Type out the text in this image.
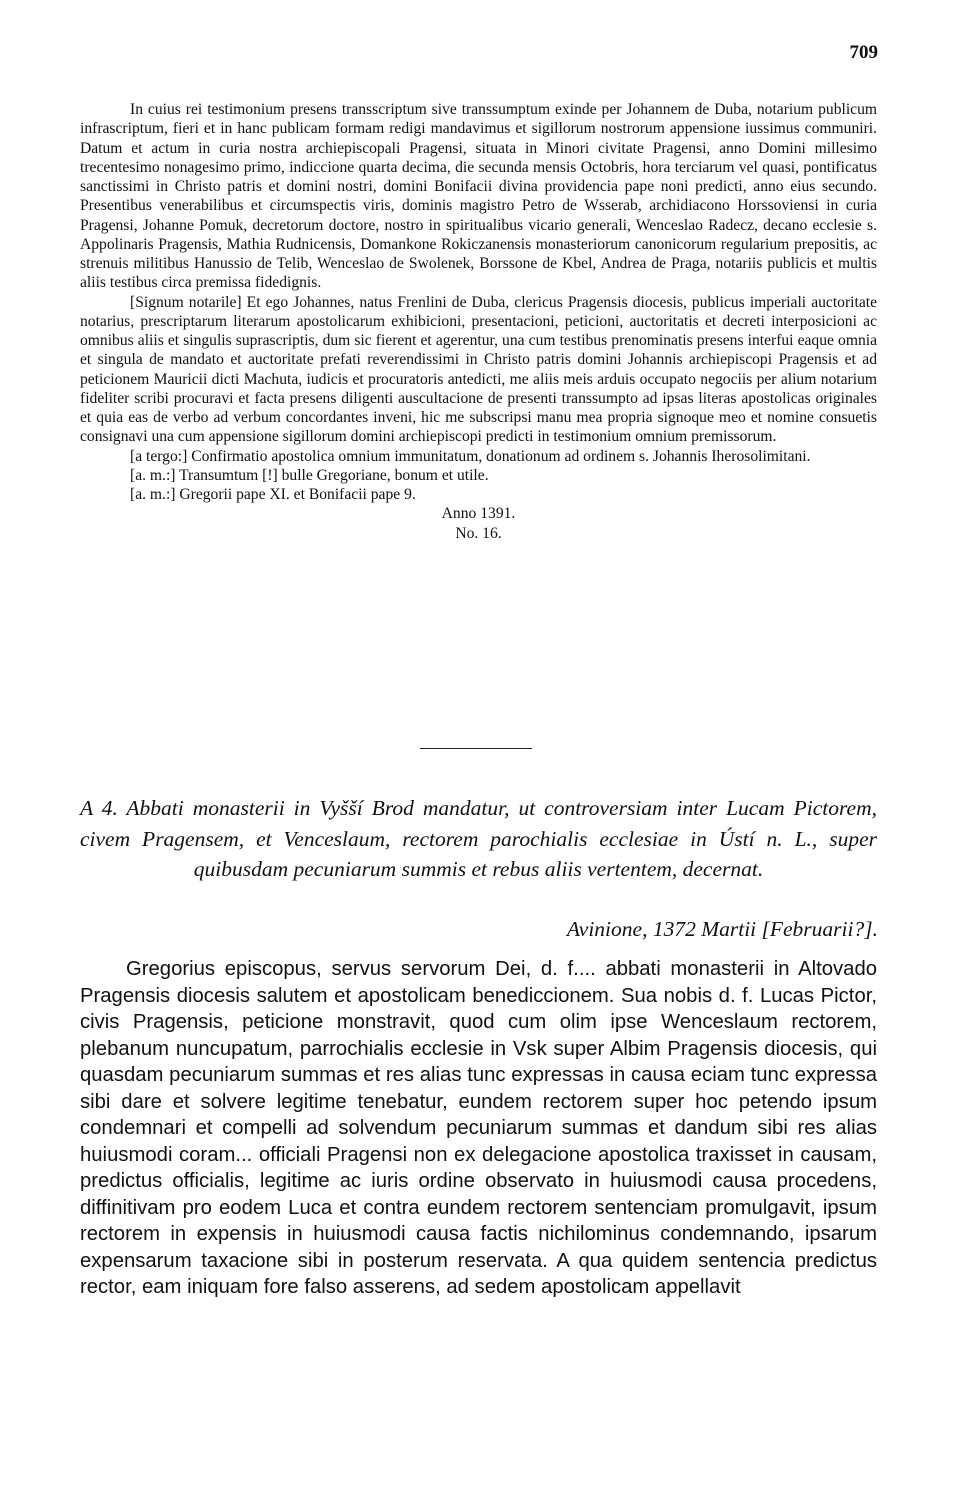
709

In cuius rei testimonium presens transscriptum sive transsumptum exinde per Johannem de Duba, notarium publicum infrascriptum, fieri et in hanc publicam formam redigi mandavimus et sigillorum nostrorum appensione iussimus communiri. Datum et actum in curia nostra archiepiscopali Pragensi, situata in Minori civitate Pragensi, anno Domini millesimo trecentesimo nonagesimo primo, indiccione quarta decima, die secunda mensis Octobris, hora terciarum vel quasi, pontificatus sanctissimi in Christo patris et domini nostri, domini Bonifacii divina providencia pape noni predicti, anno eius secundo. Presentibus venerabilibus et circumspectis viris, dominis magistro Petro de Wsserab, archidiacono Horssoviensi in curia Pragensi, Johanne Pomuk, decretorum doctore, nostro in spiritualibus vicario generali, Wenceslao Radecz, decano ecclesie s. Appolinaris Pragensis, Mathia Rudnicensis, Domankone Rokiczanensis monasteriorum canonicorum regularium prepositis, ac strenuis militibus Hanussio de Telib, Wenceslao de Swolenek, Borssone de Kbel, Andrea de Praga, notariis publicis et multis aliis testibus circa premissa fidedignis.

[Signum notarile] Et ego Johannes, natus Frenlini de Duba, clericus Pragensis diocesis, publicus imperiali auctoritate notarius, prescriptarum literarum apostolicarum exhibicioni, presentacioni, peticioni, auctoritatis et decreti interposicioni ac omnibus aliis et singulis suprascriptis, dum sic fierent et agerentur, una cum testibus prenominatis presens interfui eaque omnia et singula de mandato et auctoritate prefati reverendissimi in Christo patris domini Johannis archiepiscopi Pragensis et ad peticionem Mauricii dicti Machuta, iudicis et procuratoris antedicti, me aliis meis arduis occupato negociis per alium notarium fideliter scribi procuravi et facta presens diligenti auscultacione de presenti transsumpto ad ipsas literas apostolicas originales et quia eas de verbo ad verbum concordantes inveni, hic me subscripsi manu mea propria signoque meo et nomine consuetis consignavi una cum appensione sigillorum domini archiepiscopi predicti in testimonium omnium premissorum.

[a tergo:] Confirmatio apostolica omnium immunitatum, donationum ad ordinem s. Johannis Iherosolimitani.

[a. m.:] Transumtum [!] bulle Gregoriane, bonum et utile.

[a. m.:] Gregorii pape XI. et Bonifacii pape 9.

Anno 1391.

No. 16.

A 4. Abbati monasterii in Vyšší Brod mandatur, ut controversiam inter Lucam Pictorem, civem Pragensem, et Venceslaum, rectorem parochialis ecclesiae in Ústí n. L., super quibusdam pecuniarum summis et rebus aliis vertentem, decernat.
Avinione, 1372 Martii [Februarii?].

Gregorius episcopus, servus servorum Dei, d. f.... abbati monasterii in Altovado Pragensis diocesis salutem et apostolicam benediccionem. Sua nobis d. f. Lucas Pictor, civis Pragensis, peticione monstravit, quod cum olim ipse Wenceslaum rectorem, plebanum nuncupatum, parrochialis ecclesie in Vsk super Albim Pragensis diocesis, qui quasdam pecuniarum summas et res alias tunc expressas in causa eciam tunc expressa sibi dare et solvere legitime tenebatur, eundem rectorem super hoc petendo ipsum condemnari et compelli ad solvendum pecuniarum summas et dandum sibi res alias huiusmodi coram... officiali Pragensi non ex delegacione apostolica traxisset in causam, predictus officialis, legitime ac iuris ordine observato in huiusmodi causa procedens, diffinitivam pro eodem Luca et contra eundem rectorem sentenciam promulgavit, ipsum rectorem in expensis in huiusmodi causa factis nichilominus condemnando, ipsarum expensarum taxacione sibi in posterum reservata. A qua quidem sentencia predictus rector, eam iniquam fore falso asserens, ad sedem apostolicam appellavit
